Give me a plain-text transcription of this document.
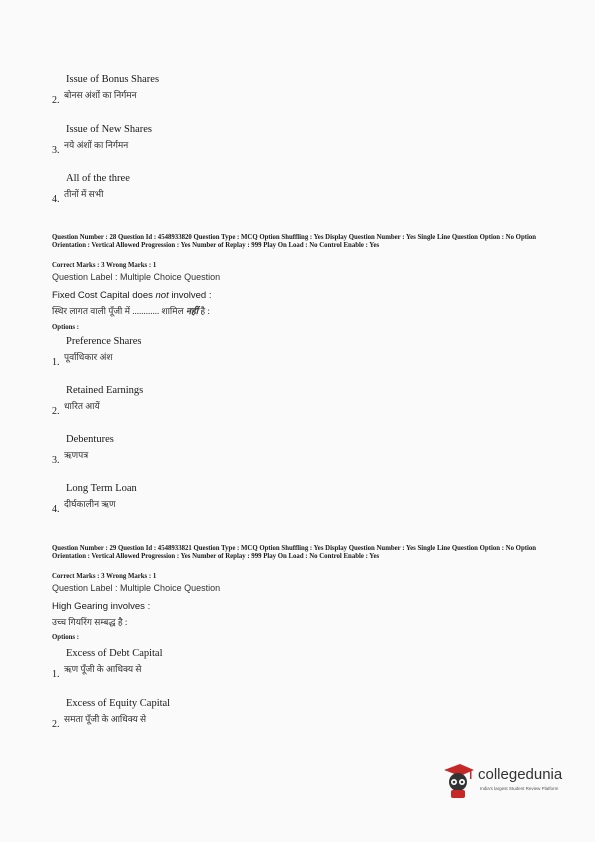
Issue of Bonus Shares
2. बोनस अंशों का निर्गमन
Issue of New Shares
3. नये अंशों का निर्गमन
All of the three
4. तीनों में सभी
Question Number : 28 Question Id : 4548933820 Question Type : MCQ Option Shuffling : Yes Display Question Number : Yes Single Line Question Option : No Option Orientation : Vertical Allowed Progression : Yes Number of Replay : 999 Play On Load : No Control Enable : Yes
Correct Marks : 3 Wrong Marks : 1
Question Label : Multiple Choice Question
Fixed Cost Capital does not involved :
स्थिर लागत वाली पूँजी में ............ शामिल नहीं है :
Options :
Preference Shares
1. पूर्वाधिकार अंश
Retained Earnings
2. धारित आयें
Debentures
3. ऋणपत्र
Long Term Loan
4. दीर्घकालीन ऋण
Question Number : 29 Question Id : 4548933821 Question Type : MCQ Option Shuffling : Yes Display Question Number : Yes Single Line Question Option : No Option Orientation : Vertical Allowed Progression : Yes Number of Replay : 999 Play On Load : No Control Enable : Yes
Correct Marks : 3 Wrong Marks : 1
Question Label : Multiple Choice Question
High Gearing involves :
उच्च गियरिंग सम्बद्ध है :
Options :
Excess of Debt Capital
1. ऋण पूँजी के आधिक्य से
Excess of Equity Capital
2. समता पूँजी के आधिक्य से
collegedunia
India's largest Student Review Platform
